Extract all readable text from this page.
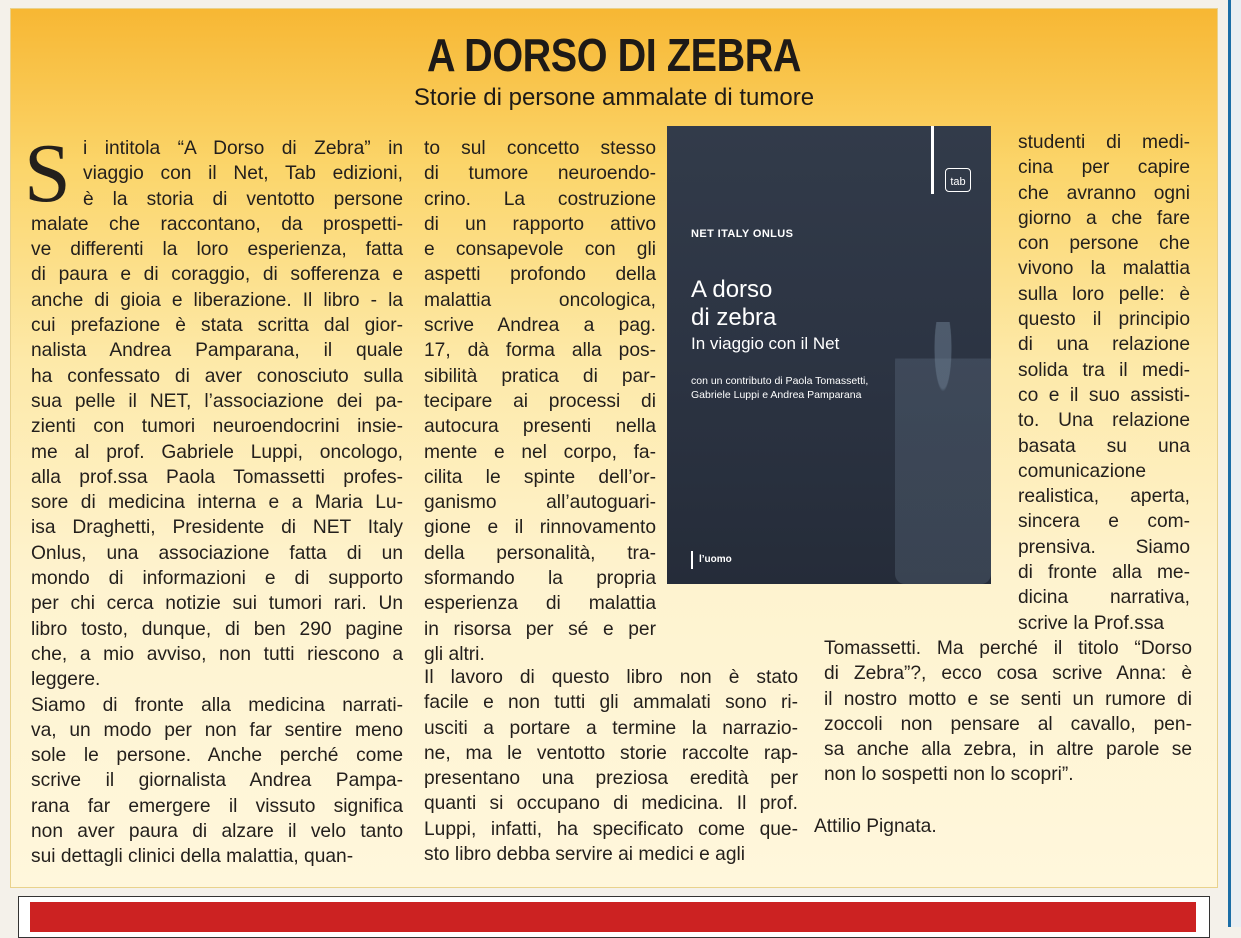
A DORSO DI ZEBRA
Storie di persone ammalate di tumore
S i intitola “A Dorso di Zebra” in
viaggio con il Net, Tab edizioni,
è la storia di ventotto persone
malate che raccontano, da prospetti-
ve differenti la loro esperienza, fatta
di paura e di coraggio, di sofferenza e
anche di gioia e liberazione. Il libro - la
cui prefazione è stata scritta dal gior-
nalista Andrea Pamparana, il quale
ha confessato di aver conosciuto sulla
sua pelle il NET, l’associazione dei pa-
zienti con tumori neuroendocrini insie-
me al prof. Gabriele Luppi, oncologo,
alla prof.ssa Paola Tomassetti profes-
sore di medicina interna e a Maria Lu-
isa Draghetti, Presidente di NET Italy
Onlus, una associazione fatta di un
mondo di informazioni e di supporto
per chi cerca notizie sui tumori rari. Un
libro tosto, dunque, di ben 290 pagine
che, a mio avviso, non tutti riescono a
leggere.
Siamo di fronte alla medicina narrati-
va, un modo per non far sentire meno
sole le persone. Anche perché come
scrive il giornalista Andrea Pampa-
rana far emergere il vissuto significa
non aver paura di alzare il velo tanto
sui dettagli clinici della malattia, quan-
to sul concetto stesso
di tumore neuroendo-
crino. La costruzione
di un rapporto attivo
e consapevole con gli
aspetti profondo della
malattia oncologica,
scrive Andrea a pag.
17, dà forma alla pos-
sibilità pratica di par-
tecipare ai processi di
autocura presenti nella
mente e nel corpo, fa-
cilita le spinte dell’or-
ganismo all’autoguari-
gione e il rinnovamento
della personalità, tra-
sformando la propria
esperienza di malattia
in risorsa per sé e per
gli altri.
Il lavoro di questo libro non è stato
facile e non tutti gli ammalati sono ri-
usciti a portare a termine la narrazio-
ne, ma le ventotto storie raccolte rap-
presentano una preziosa eredità per
quanti si occupano di medicina. Il prof.
Luppi, infatti, ha specificato come que-
sto libro debba servire ai medici e agli
studenti di medi-
cina per capire
che avranno ogni
giorno a che fare
con persone che
vivono la malattia
sulla loro pelle: è
questo il principio
di una relazione
solida tra il medi-
co e il suo assisti-
to. Una relazione
basata su una
comunicazione
realistica, aperta,
sincera e com-
prensiva. Siamo
di fronte alla me-
dicina narrativa,
scrive la Prof.ssa
Tomassetti. Ma perché il titolo “Dorso
di Zebra”?, ecco cosa scrive Anna: è
il nostro motto e se senti un rumore di
zoccoli non pensare al cavallo, pen-
sa anche alla zebra, in altre parole se
non lo sospetti non lo scopri”.
tab
NET ITALY ONLUS
A dorso
di zebra
In viaggio con il Net
con un contributo di Paola Tomassetti,
Gabriele Luppi e Andrea Pamparana
l’uomo
Attilio Pignata.
